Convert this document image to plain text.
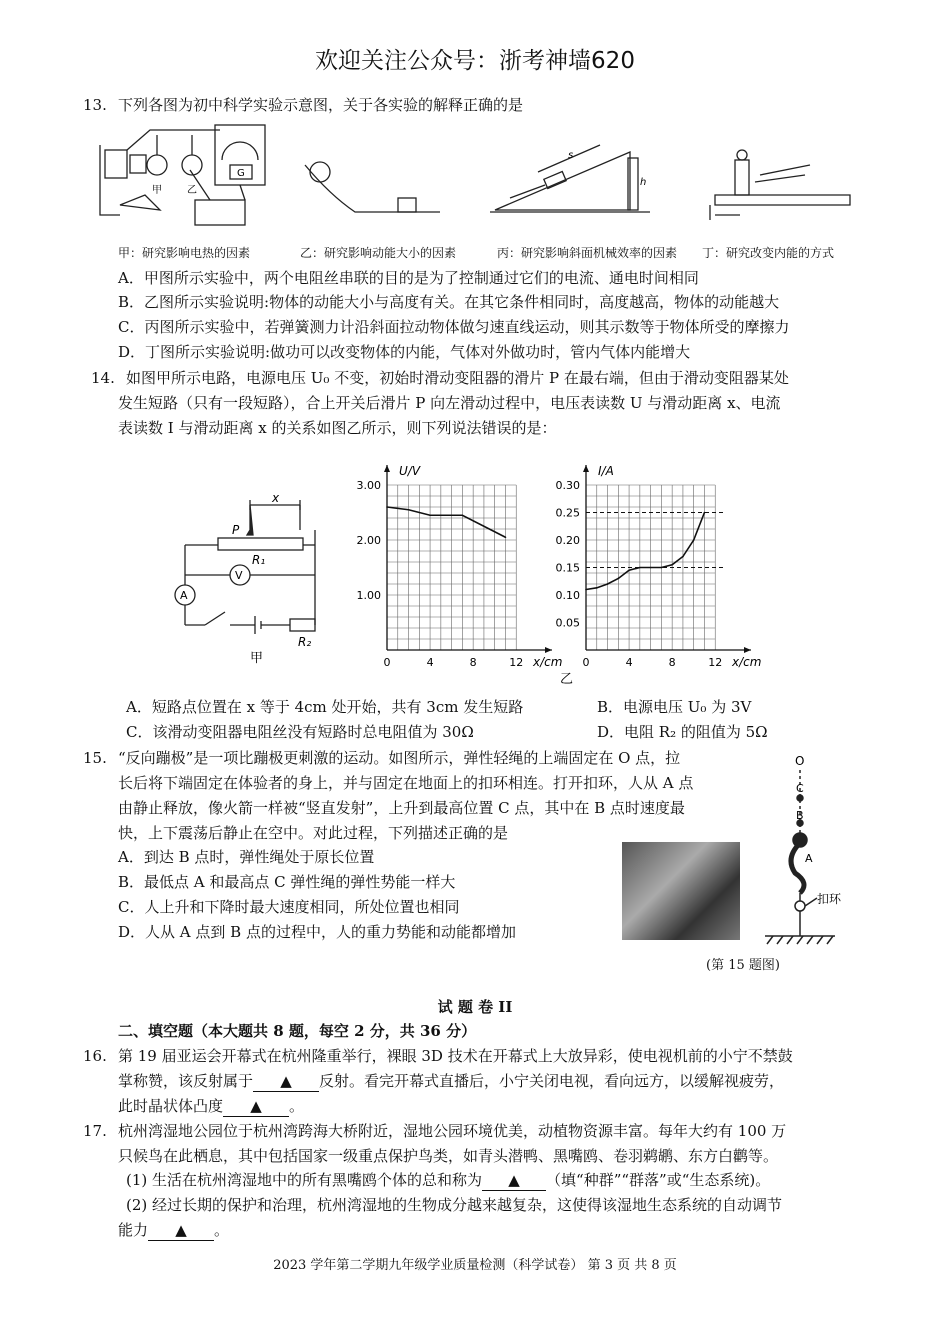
欢迎关注公众号：浙考神墙620
13. 下列各图为初中科学实验示意图，关于各实验的解释正确的是
甲	乙
G
s
h
甲：研究影响电热的因素	乙：研究影响动能大小的因素	丙：研究影响斜面机械效率的因素 丁：研究改变内能的方式
A．甲图所示实验中，两个电阻丝串联的目的是为了控制通过它们的电流、通电时间相同
B．乙图所示实验说明:物体的动能大小与高度有关。在其它条件相同时，高度越高，物体的动能越大
C．丙图所示实验中，若弹簧测力计沿斜面拉动物体做匀速直线运动，则其示数等于物体所受的摩擦力
D．丁图所示实验说明:做功可以改变物体的内能，气体对外做功时，管内气体内能增大
14. 如图甲所示电路，电源电压 U₀ 不变，初始时滑动变阻器的滑片 P 在最右端，但由于滑动变阻器某处
发生短路（只有一段短路），合上开关后滑片 P 向左滑动过程中，电压表读数 U 与滑动距离 x、电流
表读数 I 与滑动距离 x 的关系如图乙所示，则下列说法错误的是：
x
P
R₁
V
A
R₂
甲	0	4	8	12
1.00
2.00
3.00
U/V
x/cm 0	4	8	12
0.05
0.10
0.15
0.20
0.25
0.30
I/A
x/cm
乙
A．短路点位置在 x 等于 4cm 处开始，共有 3cm 发生短路	B．电源电压 U₀ 为 3V
C．该滑动变阻器电阻丝没有短路时总电阻值为 30Ω	D．电阻 R₂ 的阻值为 5Ω
15. “反向蹦极”是一项比蹦极更刺激的运动。如图所示，弹性轻绳的上端固定在 O 点，拉
长后将下端固定在体验者的身上，并与固定在地面上的扣环相连。打开扣环，人从 A 点
由静止释放，像火箭一样被“竖直发射”，上升到最高位置 C 点，其中在 B 点时速度最
快，上下震荡后静止在空中。对此过程，下列描述正确的是
A．到达 B 点时，弹性绳处于原长位置
B．最低点 A 和最高点 C 弹性绳的弹性势能一样大
C．人上升和下降时最大速度相同，所处位置也相同
D．人从 A 点到 B 点的过程中，人的重力势能和动能都增加
O
C
B
A
扣环
(第 15 题图)
试 题 卷 II
二、填空题（本大题共 8 题，每空 2 分，共 36 分）
16. 第 19 届亚运会开幕式在杭州隆重举行，裸眼 3D 技术在开幕式上大放异彩，使电视机前的小宁不禁鼓
掌称赞，该反射属于 ▲ 反射。看完开幕式直播后，小宁关闭电视，看向远方，以缓解视疲劳，
此时晶状体凸度 ▲ 。
17. 杭州湾湿地公园位于杭州湾跨海大桥附近，湿地公园环境优美，动植物资源丰富。每年大约有 100 万
只候鸟在此栖息，其中包括国家一级重点保护鸟类，如青头潜鸭、黑嘴鸥、卷羽鹈鹕、东方白鹳等。
(1) 生活在杭州湾湿地中的所有黑嘴鸥个体的总和称为 ▲ （填“种群”“群落”或“生态系统)。
(2) 经过长期的保护和治理，杭州湾湿地的生物成分越来越复杂，这使得该湿地生态系统的自动调节
能力 ▲ 。
2023 学年第二学期九年级学业质量检测（科学试卷） 第 3 页 共 8 页
